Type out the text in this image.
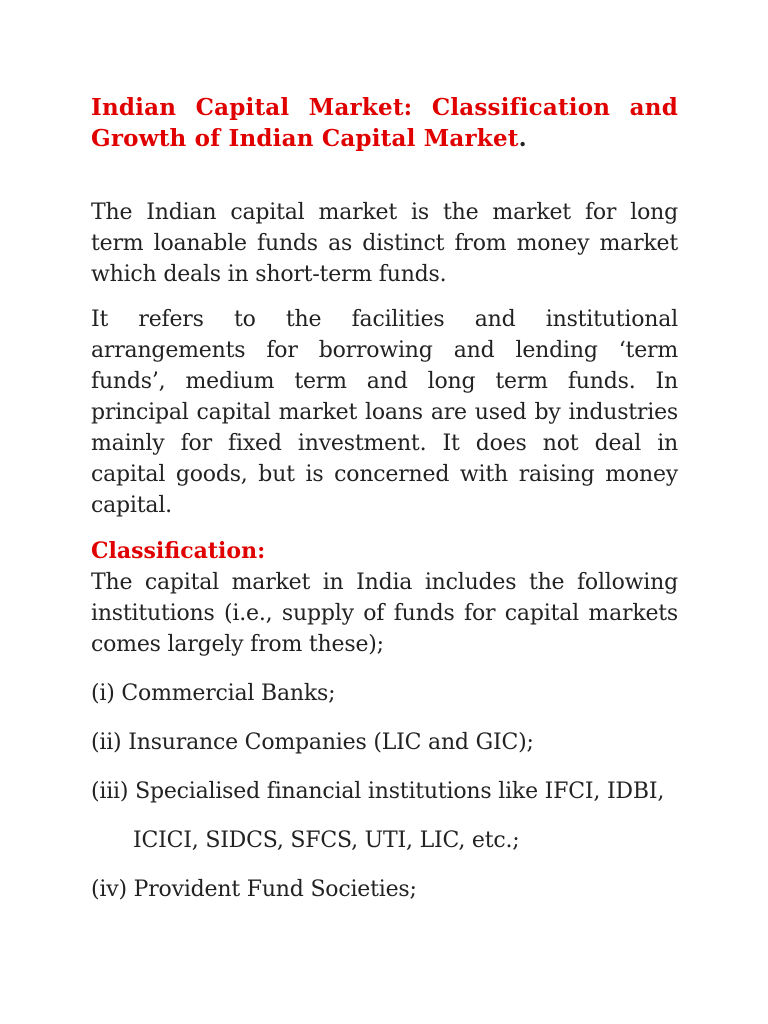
Indian Capital Market: Classification and Growth of Indian Capital Market.

The Indian capital market is the market for long term loanable funds as distinct from money market which deals in short-term funds.

It refers to the facilities and institutional arrangements for borrowing and lending ‘term funds’, medium term and long term funds. In principal capital market loans are used by industries mainly for fixed investment. It does not deal in capital goods, but is concerned with raising money capital.

Classification:

The capital market in India includes the following institutions (i.e., supply of funds for capital markets comes largely from these);

(i) Commercial Banks;
(ii) Insurance Companies (LIC and GIC);
(iii) Specialised financial institutions like IFCI, IDBI,
ICICI, SIDCS, SFCS, UTI, LIC, etc.;
(iv) Provident Fund Societies;
